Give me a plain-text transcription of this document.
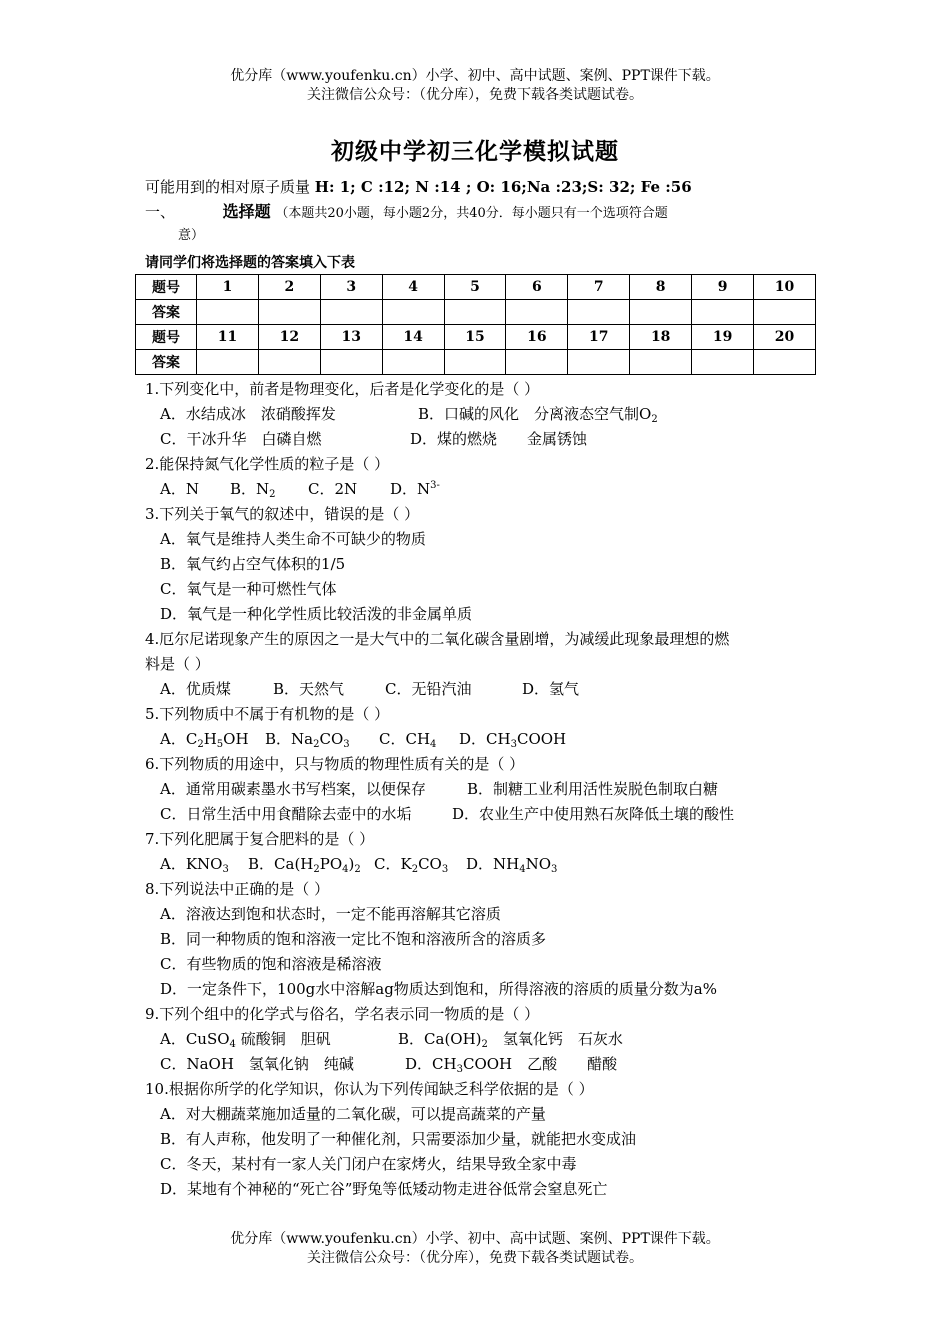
优分库（www.youfenku.cn）小学、初中、高中试题、案例、PPT课件下载。
关注微信公众号：（优分库），免费下载各类试题试卷。
初级中学初三化学模拟试题
可能用到的相对原子质量 H: 1; C :12; N :14 ; O: 16;Na :23;S: 32; Fe :56
一、	选择题 （本题共20小题，每小题2分，共40分．每小题只有一个选项符合题
意）
请同学们将选择题的答案填入下表
题号	1	2	3	4	5	6	7	8	9	10
答案										
题号	11	12	13	14	15	16	17	18	19	20
答案										
1.下列变化中，前者是物理变化，后者是化学变化的是（ ）
A．水结成冰　浓硝酸挥发	B．口碱的风化　分离液态空气制$O_2$
C．干冰升华　白磷自燃	D．煤的燃烧　　金属锈蚀
2.能保持氮气化学性质的粒子是（ ）
A．N B．$N_2$ C．2N D．$N^{3-}$
3.下列关于氧气的叙述中，错误的是（ ）
A．氧气是维持人类生命不可缺少的物质
B．氧气约占空气体积的1/5
C．氧气是一种可燃性气体
D．氧气是一种化学性质比较活泼的非金属单质
4.厄尔尼诺现象产生的原因之一是大气中的二氧化碳含量剧增，为减缓此现象最理想的燃
料是（ ）
A．优质煤	B．天然气	C．无铅汽油	D．氢气
5.下列物质中不属于有机物的是（ ）
A．$C_2H_5OH$ B．$Na_2CO_3$ C．$CH_4$ D．$CH_3COOH$
6.下列物质的用途中，只与物质的物理性质有关的是（ ）
A．通常用碳素墨水书写档案，以便保存	B．制糖工业利用活性炭脱色制取白糖
C．日常生活中用食醋除去壶中的水垢	D．农业生产中使用熟石灰降低土壤的酸性
7.下列化肥属于复合肥料的是（ ）
A．$KNO_3$ B．$Ca(H_2PO_4)_2$ C．$K_2CO_3$ D．$NH_4NO_3$
8.下列说法中正确的是（ ）
A．溶液达到饱和状态时，一定不能再溶解其它溶质
B．同一种物质的饱和溶液一定比不饱和溶液所含的溶质多
C．有些物质的饱和溶液是稀溶液
D．一定条件下，100g水中溶解ag物质达到饱和，所得溶液的溶质的质量分数为a%
9.下列个组中的化学式与俗名，学名表示同一物质的是（ ）
A．CuSO$_4$ 硫酸铜　胆矾	B．$Ca(OH)_2$　 氢氧化钙　石灰水
C．NaOH　氢氧化钠　纯碱	D．$CH_3COOH$　 乙酸　　醋酸
10.根据你所学的化学知识，你认为下列传闻缺乏科学依据的是（ ）
A．对大棚蔬菜施加适量的二氧化碳，可以提高蔬菜的产量
B．有人声称，他发明了一种催化剂，只需要添加少量，就能把水变成油
C．冬天，某村有一家人关门闭户在家烤火，结果导致全家中毒
D．某地有个神秘的“死亡谷”野兔等低矮动物走进谷低常会窒息死亡
优分库（www.youfenku.cn）小学、初中、高中试题、案例、PPT课件下载。
关注微信公众号：（优分库），免费下载各类试题试卷。
